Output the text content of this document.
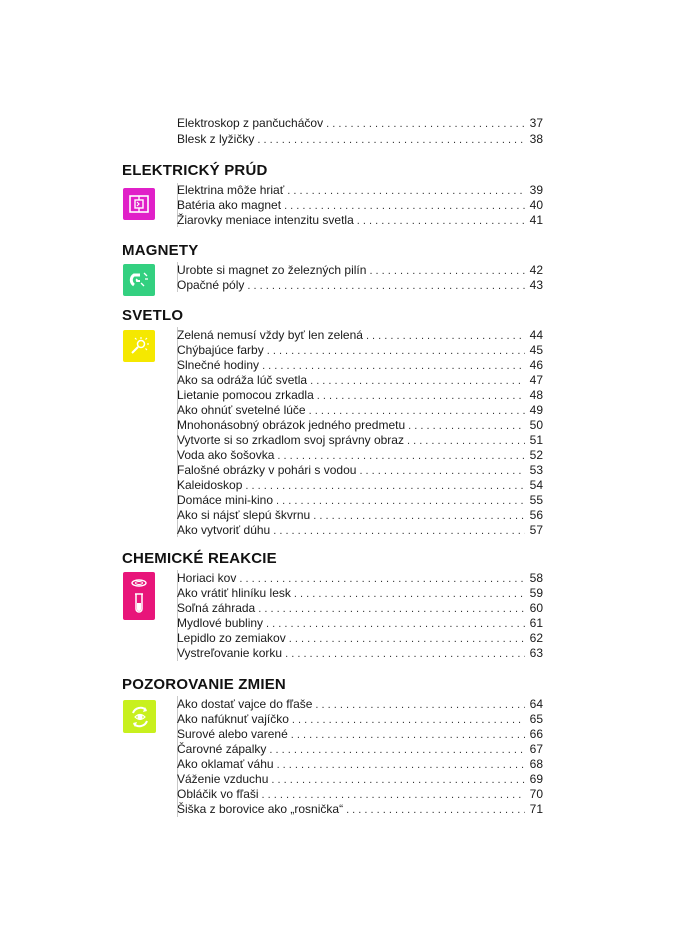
Elektroskop z pančucháčov . . .	37
Blesk z lyžičky . . .	38
ELEKTRICKÝ PRÚD
Elektrina môže hriať . . .	39
Batéria ako magnet . . .	40
Žiarovky meniace intenzitu svetla . . .	41
MAGNETY
Urobte si magnet zo železných pilín . . .	42
Opačné póly . . .	43
SVETLO
Zelená nemusí vždy byť len zelená . . .	44
Chýbajúce farby . . .	45
Slnečné hodiny . . .	46
Ako sa odráža lúč svetla . . .	47
Lietanie pomocou zrkadla . . .	48
Ako ohnúť svetelné lúče . . .	49
Mnohonásobný obrázok jedného predmetu . . .	50
Vytvorte si so zrkadlom svoj správny obraz . . .	51
Voda ako šošovka . . .	52
Falošné obrázky v pohári s vodou . . .	53
Kaleidoskop . . .	54
Domáce mini-kino . . .	55
Ako si nájsť slepú škvrnu . . .	56
Ako vytvoriť dúhu . . .	57
CHEMICKÉ REAKCIE
Horiaci kov . . .	58
Ako vrátiť hliníku lesk . . .	59
Soľná záhrada . . .	60
Mydlové bubliny . . .	61
Lepidlo zo zemiakov . . .	62
Vystreľovanie korku . . .	63
POZOROVANIE ZMIEN
Ako dostať vajce do fľaše . . .	64
Ako nafúknuť vajíčko . . .	65
Surové alebo varené . . .	66
Čarovné zápalky . . .	67
Ako oklamať váhu . . .	68
Váženie vzduchu . . .	69
Obláčik vo fľaši . . .	70
Šiška z borovice ako „rosnička“ . . .	71
